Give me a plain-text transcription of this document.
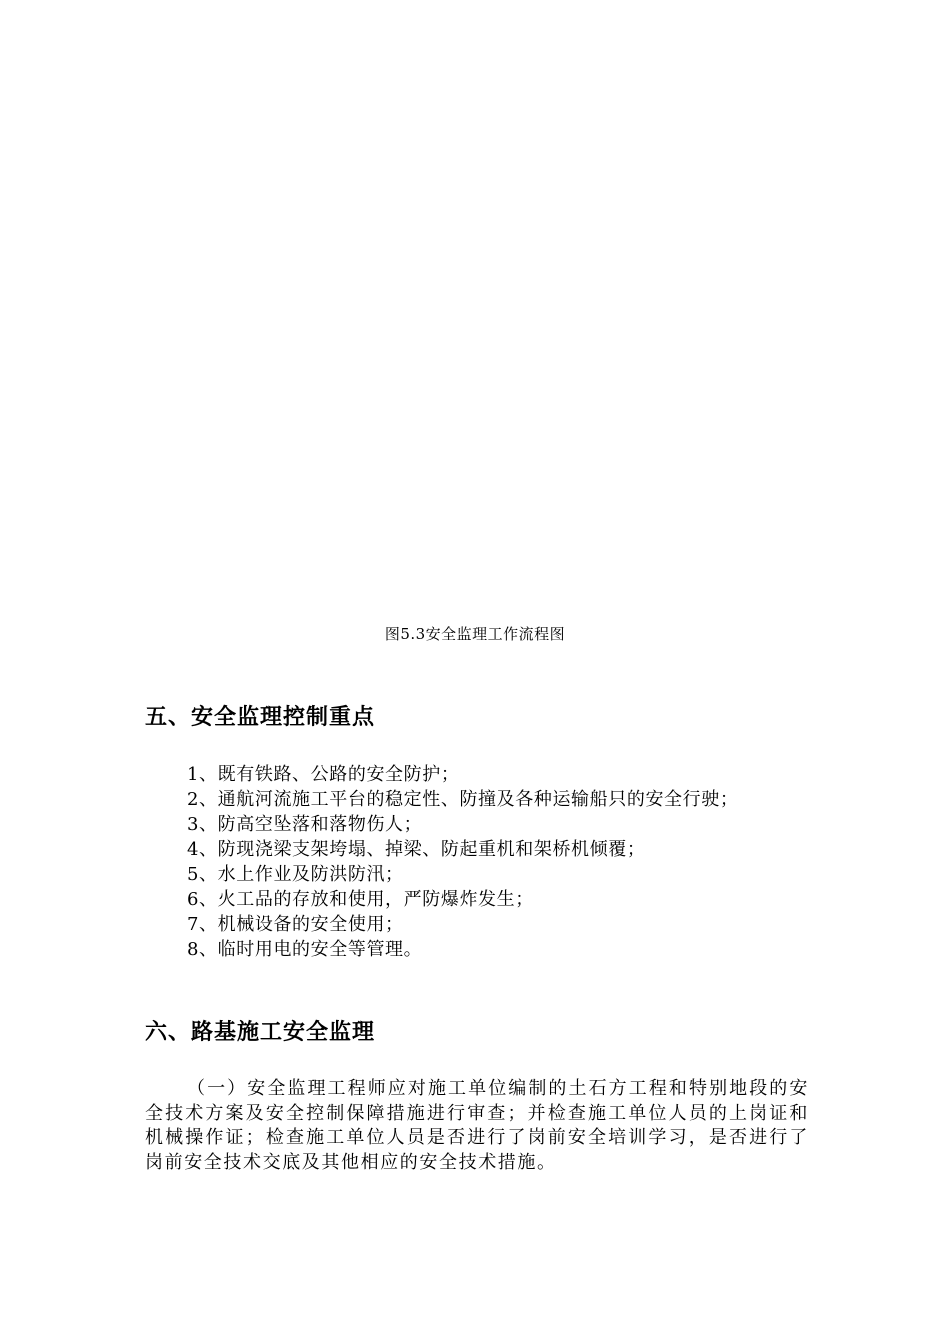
图5.3安全监理工作流程图
五、安全监理控制重点
1、既有铁路、公路的安全防护；
2、通航河流施工平台的稳定性、防撞及各种运输船只的安全行驶；
3、防高空坠落和落物伤人；
4、防现浇梁支架垮塌、掉梁、防起重机和架桥机倾覆；
5、水上作业及防洪防汛；
6、火工品的存放和使用，严防爆炸发生；
7、机械设备的安全使用；
8、临时用电的安全等管理。
六、路基施工安全监理
（一）安全监理工程师应对施工单位编制的土石方工程和特别地段的安全技术方案及安全控制保障措施进行审查；并检查施工单位人员的上岗证和机械操作证；检查施工单位人员是否进行了岗前安全培训学习，是否进行了岗前安全技术交底及其他相应的安全技术措施。
